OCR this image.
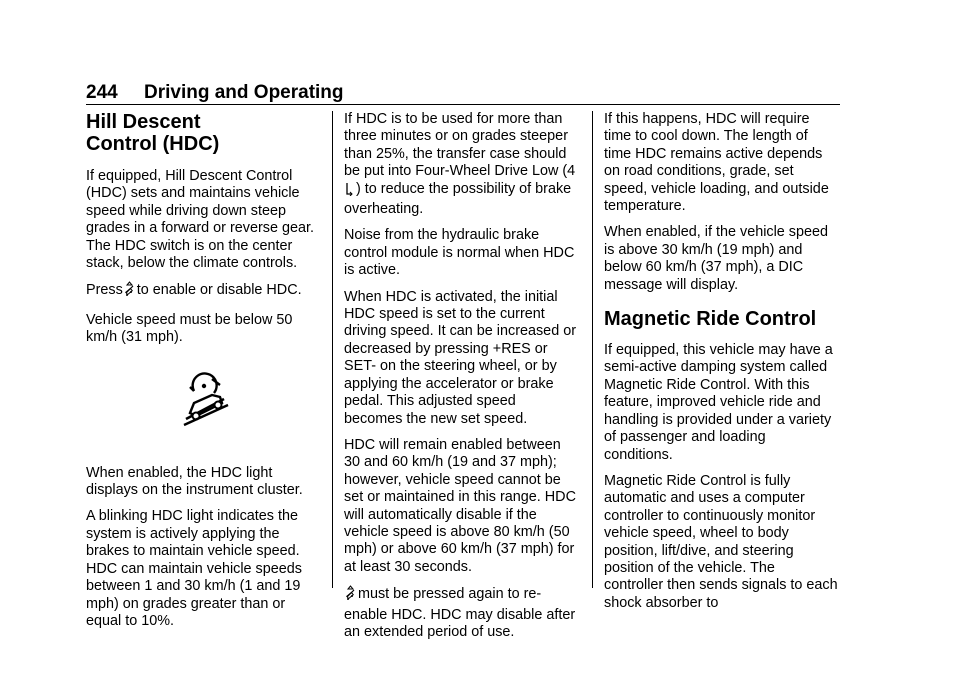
244 Driving and Operating
Hill Descent
Control (HDC)

If equipped, Hill Descent Control (HDC) sets and maintains vehicle speed while driving down steep grades in a forward or reverse gear. The HDC switch is on the center stack, below the climate controls.

Press to enable or disable HDC.

Vehicle speed must be below 50 km/h (31 mph).

When enabled, the HDC light displays on the instrument cluster.

A blinking HDC light indicates the system is actively applying the brakes to maintain vehicle speed. HDC can maintain vehicle speeds between 1 and 30 km/h (1 and 19 mph) on grades greater than or equal to 10%.

If HDC is to be used for more than three minutes or on grades steeper than 25%, the transfer case should be put into Four-Wheel Drive Low (4) to reduce the possibility of brake overheating.

Noise from the hydraulic brake control module is normal when HDC is active.

When HDC is activated, the initial HDC speed is set to the current driving speed. It can be increased or decreased by pressing +RES or SET- on the steering wheel, or by applying the accelerator or brake pedal. This adjusted speed becomes the new set speed.

HDC will remain enabled between 30 and 60 km/h (19 and 37 mph); however, vehicle speed cannot be set or maintained in this range. HDC will automatically disable if the vehicle speed is above 80 km/h (50 mph) or above 60 km/h (37 mph) for at least 30 seconds.

must be pressed again to re-enable HDC. HDC may disable after an extended period of use.

If this happens, HDC will require time to cool down. The length of time HDC remains active depends on road conditions, grade, set speed, vehicle loading, and outside temperature.

When enabled, if the vehicle speed is above 30 km/h (19 mph) and below 60 km/h (37 mph), a DIC message will display.

Magnetic Ride Control

If equipped, this vehicle may have a semi-active damping system called Magnetic Ride Control. With this feature, improved vehicle ride and handling is provided under a variety of passenger and loading conditions.

Magnetic Ride Control is fully automatic and uses a computer controller to continuously monitor vehicle speed, wheel to body position, lift/dive, and steering position of the vehicle. The controller then sends signals to each shock absorber to
